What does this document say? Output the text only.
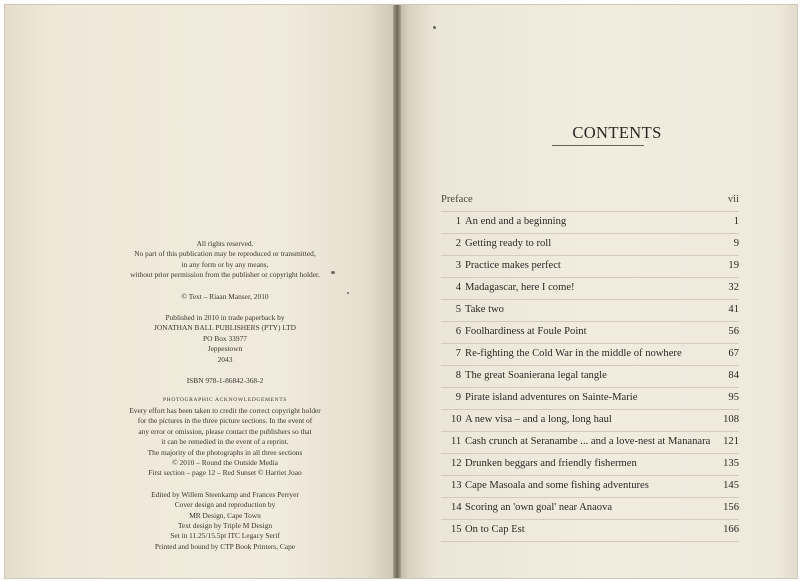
All rights reserved.
No part of this publication may be reproduced or transmitted,
in any form or by any means,
without prior permission from the publisher or copyright holder.
© Text – Riaan Manser, 2010
Published in 2010 in trade paperback by
JONATHAN BALL PUBLISHERS (PTY) LTD
PO Box 33977
Jeppestown
2043
ISBN 978-1-86842-368-2
PHOTOGRAPHIC ACKNOWLEDGEMENTS
Every effort has been taken to credit the correct copyright holder
for the pictures in the three picture sections. In the event of
any error or omission, please contact the publishers so that
it can be remedied in the event of a reprint.
The majority of the photographs in all three sections
© 2010 – Round the Outside Media
First section – page 12 – Red Sunset © Harriet Joao
Edited by Willem Steenkamp and Frances Perryer
Cover design and reproduction by
MR Design, Cape Town
Text design by Triple M Design
Set in 11.25/15.5pt ITC Legacy Serif
Printed and bound by CTP Book Printers, Cape
CONTENTS
Preface	vii
1 An end and a beginning	1
2 Getting ready to roll	9
3 Practice makes perfect	19
4 Madagascar, here I come!	32
5 Take two	41
6 Foolhardiness at Foule Point	56
7 Re-fighting the Cold War in the middle of nowhere	67
8 The great Soanierana legal tangle	84
9 Pirate island adventures on Sainte-Marie	95
10 A new visa – and a long, long haul	108
11 Cash crunch at Seranambe ... and a love-nest at Mananara 121
12 Drunken beggars and friendly fishermen	135
13 Cape Masoala and some fishing adventures	145
14 Scoring an 'own goal' near Anaova	156
15 On to Cap Est	166
